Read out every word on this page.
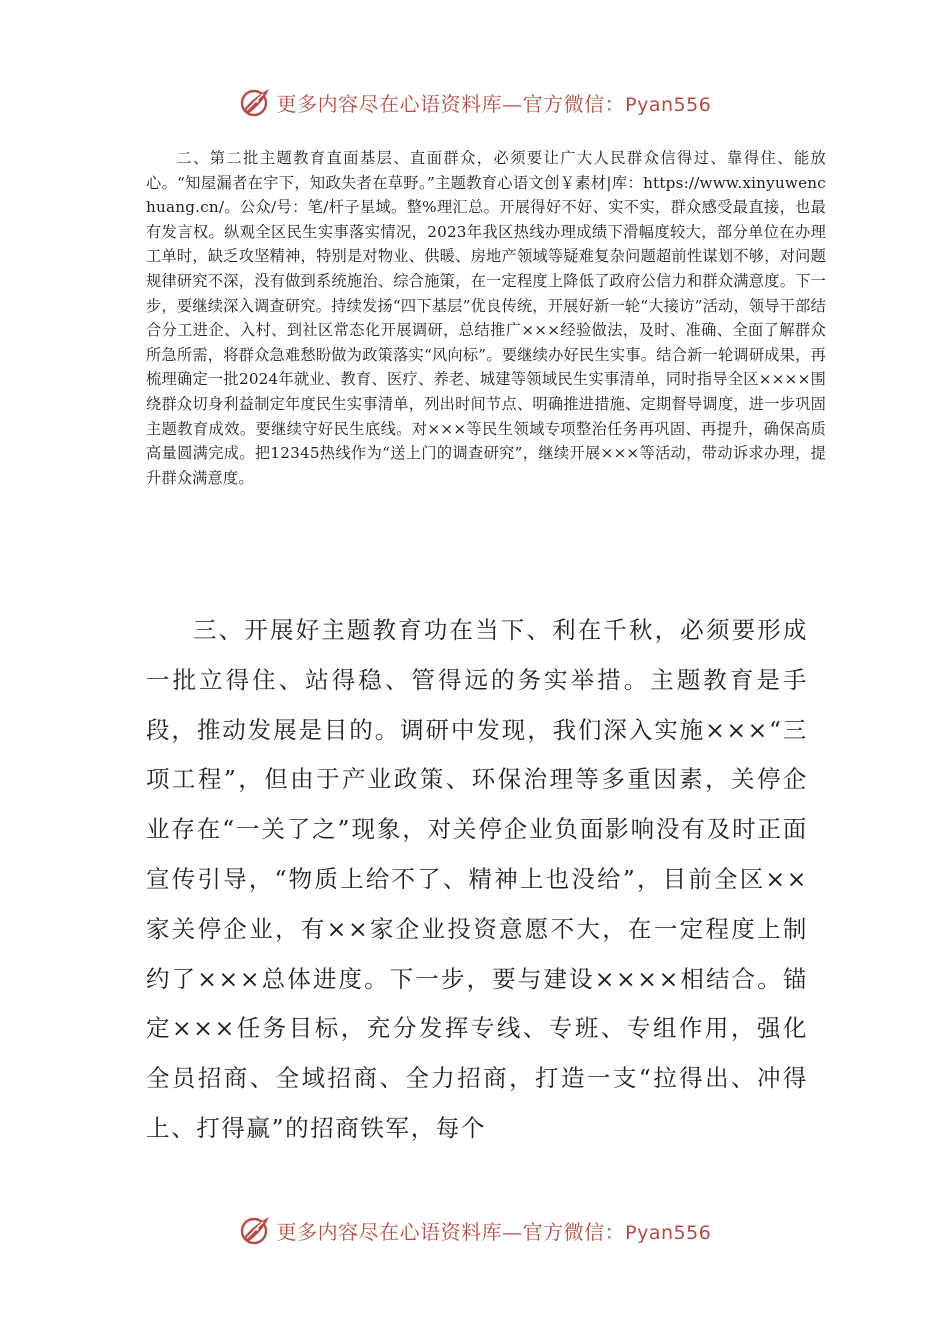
更多内容尽在心语资料库—官方微信：Pyan556

二、第二批主题教育直面基层、直面群众，必须要让广大人民群众信得过、靠得住、能放心。“知屋漏者在宇下，知政失者在草野。”主题教育心语文创￥素材|库：https://www.xinyuwenchuang.cn/。公众/号：笔/杆子星域。整%理汇总。开展得好不好、实不实，群众感受最直接，也最有发言权。纵观全区民生实事落实情况，2023年我区热线办理成绩下滑幅度较大，部分单位在办理工单时，缺乏攻坚精神，特别是对物业、供暖、房地产领域等疑难复杂问题超前性谋划不够，对问题规律研究不深，没有做到系统施治、综合施策，在一定程度上降低了政府公信力和群众满意度。下一步，要继续深入调查研究。持续发扬“四下基层”优良传统，开展好新一轮“大接访”活动，领导干部结合分工进企、入村、到社区常态化开展调研，总结推广×××经验做法，及时、准确、全面了解群众所急所需，将群众急难愁盼做为政策落实“风向标”。要继续办好民生实事。结合新一轮调研成果，再梳理确定一批2024年就业、教育、医疗、养老、城建等领域民生实事清单，同时指导全区××××围绕群众切身利益制定年度民生实事清单，列出时间节点、明确推进措施、定期督导调度，进一步巩固主题教育成效。要继续守好民生底线。对×××等民生领域专项整治任务再巩固、再提升，确保高质高量圆满完成。把12345热线作为“送上门的调查研究”，继续开展×××等活动，带动诉求办理，提升群众满意度。

三、开展好主题教育功在当下、利在千秋，必须要形成一批立得住、站得稳、管得远的务实举措。主题教育是手段，推动发展是目的。调研中发现，我们深入实施×××“三项工程”，但由于产业政策、环保治理等多重因素，关停企业存在“一关了之”现象，对关停企业负面影响没有及时正面宣传引导，“物质上给不了、精神上也没给”，目前全区××家关停企业，有××家企业投资意愿不大，在一定程度上制约了×××总体进度。下一步，要与建设××××相结合。锚定×××任务目标，充分发挥专线、专班、专组作用，强化全员招商、全域招商、全力招商，打造一支“拉得出、冲得上、打得赢”的招商铁军，每个

更多内容尽在心语资料库—官方微信：Pyan556
